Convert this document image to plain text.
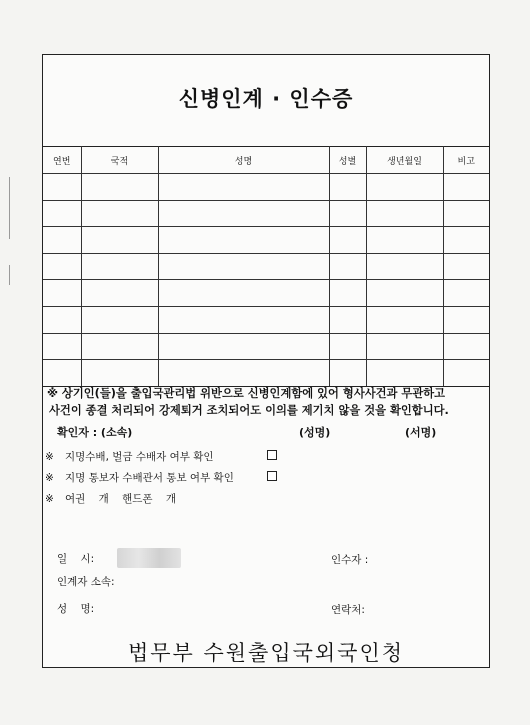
신병인계 · 인수증
연번	국적	성명	성별	생년월일	비고

※ 상기인(들)을 출입국관리법 위반으로 신병인계함에 있어 형사사건과 무관하고
사건이 종결 처리되어 강제퇴거 조치되어도 이의를 제기치 않을 것을 확인합니다.
확인자 : (소속)	(성명)	(서명)
※ 지명수배, 벌금 수배자 여부 확인
※ 지명 통보자 수배관서 통보 여부 확인
※ 여권    개    핸드폰    개
일    시:	인수자 :
인계자 소속:
성    명:	연락처:
법무부 수원출입국외국인청
